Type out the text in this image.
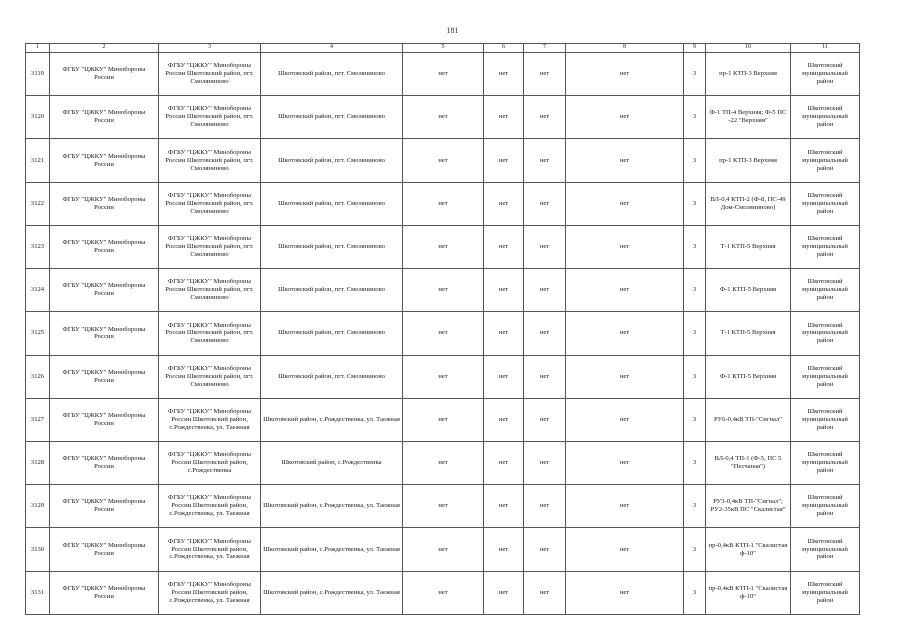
181
1	2	3	4	5	6	7	8	9	10	11
3119	ФГБУ "ЦЖКУ" Минобороны России	ФГБУ "ЦЖКУ" Минобороны России Шкотовский район, пгт. Смоляниново	Шкотовский район, пгт. Смоляниново	нет	нет	нет	нет	3	пр-1 КТП-3 Верхняя	Шкотовский муниципальный район
3120	ФГБУ "ЦЖКУ" Минобороны России	ФГБУ "ЦЖКУ" Минобороны России Шкотовский район, пгт. Смоляниново	Шкотовский район, пгт. Смоляниново	нет	нет	нет	нет	3	Ф-1 ТП-4 Верхняя; Ф-5 ПС -22 "Верхняя"	Шкотовский муниципальный район
3121	ФГБУ "ЦЖКУ" Минобороны России	ФГБУ "ЦЖКУ" Минобороны России Шкотовский район, пгт. Смоляниново	Шкотовский район, пгт. Смоляниново	нет	нет	нет	нет	3	пр-1 КТП-3 Верхняя	Шкотовский муниципальный район
3122	ФГБУ "ЦЖКУ" Минобороны России	ФГБУ "ЦЖКУ" Минобороны России Шкотовский район, пгт. Смоляниново	Шкотовский район, пгт. Смоляниново	нет	нет	нет	нет	3	ВЛ-0,4 КТП-2 (Ф-8, ПС-49 Дом-Смоляниново)	Шкотовский муниципальный район
3123	ФГБУ "ЦЖКУ" Минобороны России	ФГБУ "ЦЖКУ" Минобороны России Шкотовский район, пгт. Смоляниново	Шкотовский район, пгт. Смоляниново	нет	нет	нет	нет	3	Т-1 КТП-5 Верхняя	Шкотовский муниципальный район
3124	ФГБУ "ЦЖКУ" Минобороны России	ФГБУ "ЦЖКУ" Минобороны России Шкотовский район, пгт. Смоляниново	Шкотовский район, пгт. Смоляниново	нет	нет	нет	нет	3	Ф-1 КТП-5 Верхняя	Шкотовский муниципальный район
3125	ФГБУ "ЦЖКУ" Минобороны России	ФГБУ "ЦЖКУ" Минобороны России Шкотовский район, пгт. Смоляниново	Шкотовский район, пгт. Смоляниново	нет	нет	нет	нет	3	Т-1 КТП-5 Верхняя	Шкотовский муниципальный район
3126	ФГБУ "ЦЖКУ" Минобороны России	ФГБУ "ЦЖКУ" Минобороны России Шкотовский район, пгт. Смоляниново	Шкотовский район, пгт. Смоляниново	нет	нет	нет	нет	3	Ф-1 КТП-5 Верхняя	Шкотовский муниципальный район
3127	ФГБУ "ЦЖКУ" Минобороны России	ФГБУ "ЦЖКУ" Минобороны России Шкотовский район, с.Рождественка, ул. Таежная	Шкотовский район, с.Рождественка, ул. Таежная	нет	нет	нет	нет	3	РУ6-0,4кВ ТП-"Сигнал"	Шкотовский муниципальный район
3128	ФГБУ "ЦЖКУ" Минобороны России	ФГБУ "ЦЖКУ" Минобороны России Шкотовский район, с.Рождественка	Шкотовский район, с.Рождественка	нет	нет	нет	нет	3	ВЛ-0,4 ТП-1 (Ф-5, ПС 5 "Песчаная")	Шкотовский муниципальный район
3129	ФГБУ "ЦЖКУ" Минобороны России	ФГБУ "ЦЖКУ" Минобороны России Шкотовский район, с.Рождественка, ул. Таежная	Шкотовский район, с.Рождественка, ул. Таежная	нет	нет	нет	нет	3	РУ3-0,4кВ ТП-"Сигнал"; РУ2-35кВ ПС "Скалистая"	Шкотовский муниципальный район
3130	ФГБУ "ЦЖКУ" Минобороны России	ФГБУ "ЦЖКУ" Минобороны России Шкотовский район, с.Рождественка, ул. Таежная	Шкотовский район, с.Рождественка, ул. Таежная	нет	нет	нет	нет	3	пр-0,4кВ КТП-1 "Скалистая ф-10"	Шкотовский муниципальный район
3131	ФГБУ "ЦЖКУ" Минобороны России	ФГБУ "ЦЖКУ" Минобороны России Шкотовский район, с.Рождественка, ул. Таежная	Шкотовский район, с.Рождественка, ул. Таежная	нет	нет	нет	нет	3	пр-0,4кВ КТП-1 "Скалистая ф-10"	Шкотовский муниципальный район
